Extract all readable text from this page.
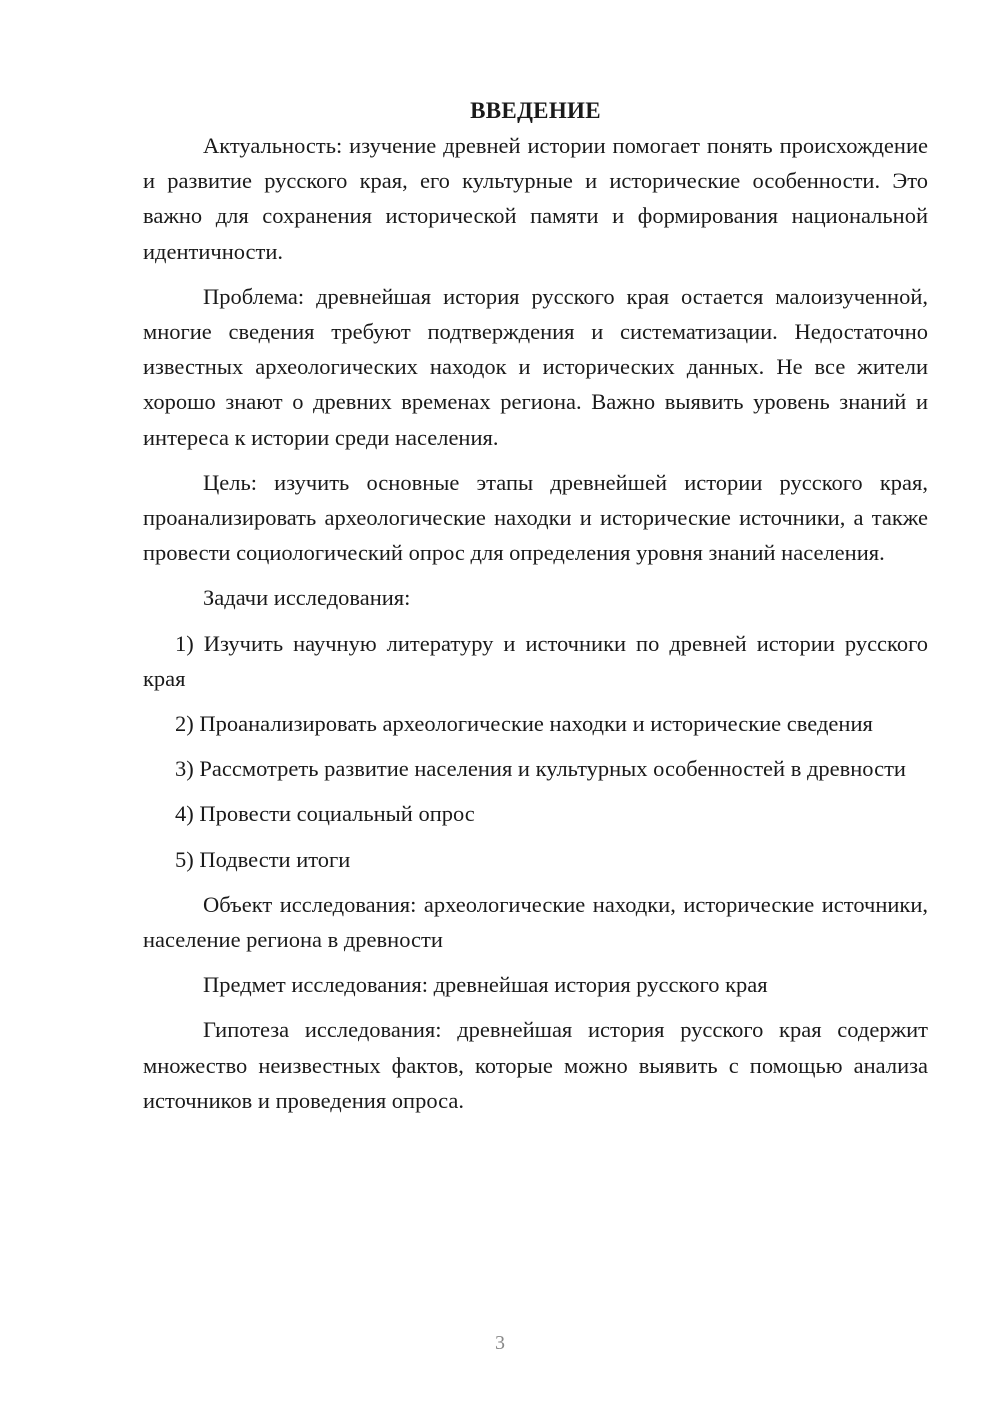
ВВЕДЕНИЕ

Актуальность: изучение древней истории помогает понять происхождение и развитие русского края, его культурные и исторические особенности. Это важно для сохранения исторической памяти и формирования национальной идентичности.

Проблема: древнейшая история русского края остается малоизученной, многие сведения требуют подтверждения и систематизации. Недостаточно известных археологических находок и исторических данных. Не все жители хорошо знают о древних временах региона. Важно выявить уровень знаний и интереса к истории среди населения.

Цель: изучить основные этапы древнейшей истории русского края, проанализировать археологические находки и исторические источники, а также провести социологический опрос для определения уровня знаний населения.

Задачи исследования:

1) Изучить научную литературу и источники по древней истории русского края

2) Проанализировать археологические находки и исторические сведения

3) Рассмотреть развитие населения и культурных особенностей в древности

4) Провести социальный опрос

5) Подвести итоги

Объект исследования: археологические находки, исторические источники, население региона в древности

Предмет исследования: древнейшая история русского края

Гипотеза исследования: древнейшая история русского края содержит множество неизвестных фактов, которые можно выявить с помощью анализа источников и проведения опроса.

3
